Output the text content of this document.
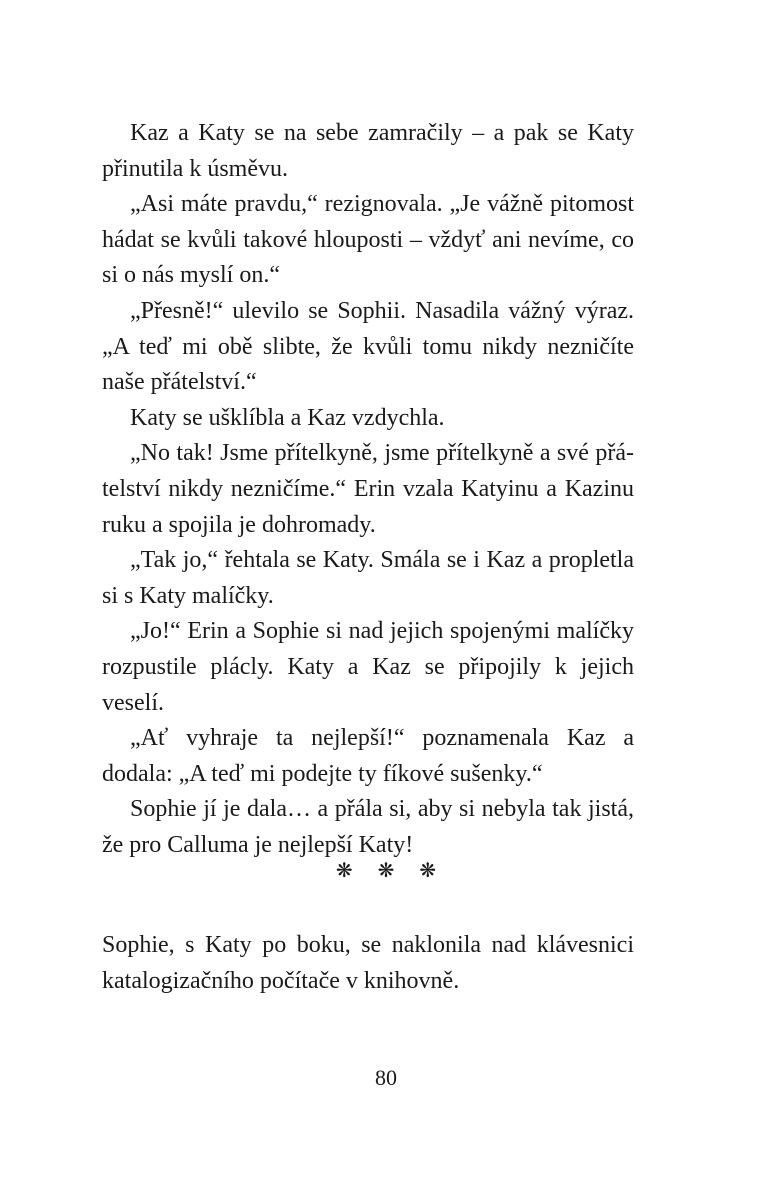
Kaz a Katy se na sebe zamračily – a pak se Katy přinutila k úsměvu.

„Asi máte pravdu,“ rezignovala. „Je vážně pitomost hádat se kvůli takové hlouposti – vždyť ani nevíme, co si o nás myslí on.“

„Přesně!“ ulevilo se Sophii. Nasadila vážný výraz. „A teď mi obě slibte, že kvůli tomu nikdy nezničíte naše přátelství.“

Katy se ušklíbla a Kaz vzdychla.

„No tak! Jsme přítelkyně, jsme přítelkyně a své přátelství nikdy nezničíme.“ Erin vzala Katyinu a Kazinu ruku a spojila je dohromady.

„Tak jo,“ řehtala se Katy. Smála se i Kaz a propletla si s Katy malíčky.

„Jo!“ Erin a Sophie si nad jejich spojenými malíčky rozpustile plácly. Katy a Kaz se připojily k jejich veselí.

„Ať vyhraje ta nejlepší!“ poznamenala Kaz a dodala: „A teď mi podejte ty fíkové sušenky.“

Sophie jí je dala… a přála si, aby si nebyla tak jistá, že pro Calluma je nejlepší Katy!

❋ ❋ ❋

Sophie, s Katy po boku, se naklonila nad klávesnici katalogizačního počítače v knihovně.

80
